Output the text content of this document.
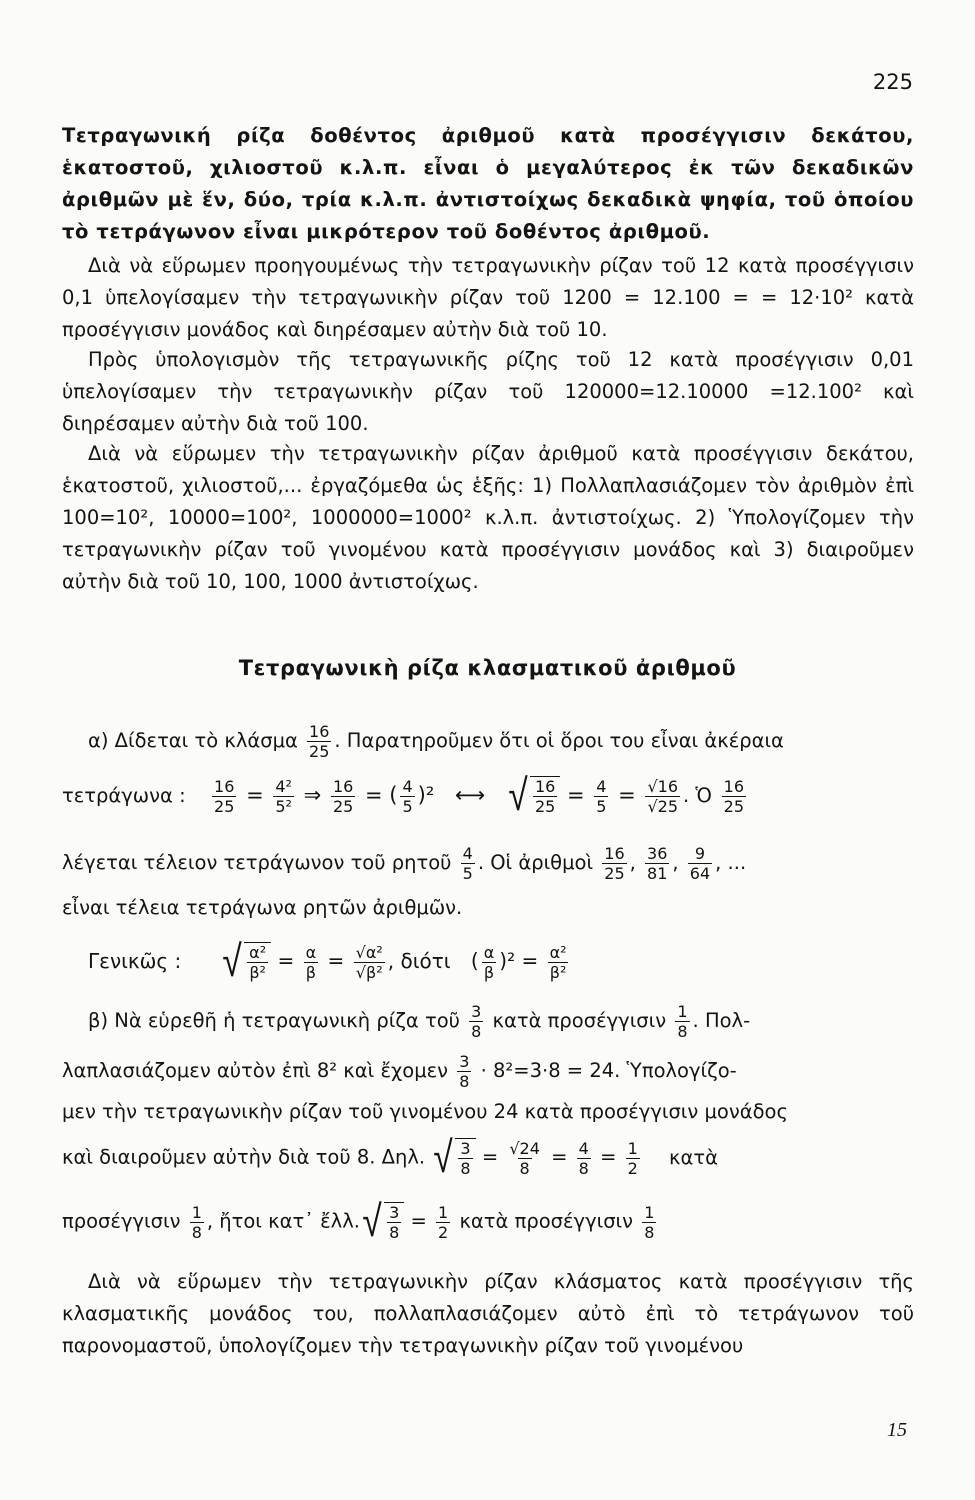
225
Τετραγωνική ρίζα δοθέντος ἀριθμοῦ κατὰ προσέγγισιν δεκάτου, ἑκατοστοῦ, χιλιοστοῦ κ.λ.π. εἶναι ὁ μεγαλύτερος ἐκ τῶν δεκαδικῶν ἀριθμῶν μὲ ἕν, δύο, τρία κ.λ.π. ἀντιστοίχως δεκαδικὰ ψηφία, τοῦ ὁποίου τὸ τετράγωνον εἶναι μικρότερον τοῦ δοθέντος ἀριθμοῦ.
Διὰ νὰ εὕρωμεν προηγουμένως τὴν τετραγωνικὴν ρίζαν τοῦ 12 κατὰ προσέγγισιν 0,1 ὑπελογίσαμεν τὴν τετραγωνικὴν ρίζαν τοῦ 1200 = 12.100 = = 12·10² κατὰ προσέγγισιν μονάδος καὶ διηρέσαμεν αὐτὴν διὰ τοῦ 10.
Πρὸς ὑπολογισμὸν τῆς τετραγωνικῆς ρίζης τοῦ 12 κατὰ προσέγγισιν 0,01 ὑπελογίσαμεν τὴν τετραγωνικὴν ρίζαν τοῦ 120000=12.10000 =12.100² καὶ διηρέσαμεν αὐτὴν διὰ τοῦ 100.
Διὰ νὰ εὕρωμεν τὴν τετραγωνικὴν ρίζαν ἀριθμοῦ κατὰ προσέγγισιν δεκάτου, ἑκατοστοῦ, χιλιοστοῦ,... ἐργαζόμεθα ὡς ἑξῆς: 1) Πολλαπλασιάζομεν τὸν ἀριθμὸν ἐπὶ 100=10², 10000=100², 1000000=1000² κ.λ.π. ἀντιστοίχως. 2) Ὑπολογίζομεν τὴν τετραγωνικὴν ρίζαν τοῦ γινομένου κατὰ προσέγγισιν μονάδος καὶ 3) διαιροῦμεν αὐτὴν διὰ τοῦ 10, 100, 1000 ἀντιστοίχως.
Τετραγωνικὴ ρίζα κλασματικοῦ ἀριθμοῦ
α) Δίδεται τὸ κλάσμα $\frac{16}{25}$ . Παρατηροῦμεν ὅτι οἱ ὅροι του εἶναι ἀκέραια
τετράγωνα : $\frac{16}{25} = \frac{\text{4²}}{\text{5²}}$ ⇒ $\frac{16}{25}$ = ( $\frac{4}{5} )^2$ ⟷ √ $\frac{16}{25} = \frac{4}{5} = \frac{√16}{√25}$ . Ὁ $\frac{16}{25}$
λέγεται τέλειον τετράγωνον τοῦ ρητοῦ $\frac{4}{5}$ . Οἱ ἀριθμοὶ $\frac{16}{25}$ , $\frac{36}{81}$ , $\frac{9}{64}$ , ...
εἶναι τέλεια τετράγωνα ρητῶν ἀριθμῶν.
Γενικῶς : √ $\frac{\text{α²}}{\text{β²}} = \frac{\alpha}{\beta} = \frac{\text{√α²}}{\text{√β²}}$ , διότι ( $\frac{\alpha}{\beta} )^2 = \frac{\text{α²}}{\text{β²}}$
β) Νὰ εὑρεθῆ ἡ τετραγωνικὴ ρίζα τοῦ $\frac{3}{8}$ κατὰ προσέγγισιν $\frac{1}{8}$ . Πολ-
λαπλασιάζομεν αὐτὸν ἐπὶ 8² καὶ ἔχομεν $\frac{3}{8} \cdot 8^2=3\cdot 8 = 24$. Ὑπολογίζο-
μεν τὴν τετραγωνικὴν ρίζαν τοῦ γινομένου 24 κατὰ προσέγγισιν μονάδος
καὶ διαιροῦμεν αὐτὴν διὰ τοῦ 8. Δηλ. √ $\frac{3}{8} = \frac{√24}{8} = \frac{4}{8} = \frac{1}{2}$ κατὰ
προσέγγισιν $\frac{1}{8}$ , ἤτοι κατ᾽ ἔλλ. √ $\frac{3}{8} = \frac{1}{2}$ κατὰ προσέγγισιν $\frac{1}{8}$
Διὰ νὰ εὕρωμεν τὴν τετραγωνικὴν ρίζαν κλάσματος κατὰ προσέγγισιν τῆς κλασματικῆς μονάδος του, πολλαπλασιάζομεν αὐτὸ ἐπὶ τὸ τετράγωνον τοῦ παρονομαστοῦ, ὑπολογίζομεν τὴν τετραγωνικὴν ρίζαν τοῦ γινομένου
15
